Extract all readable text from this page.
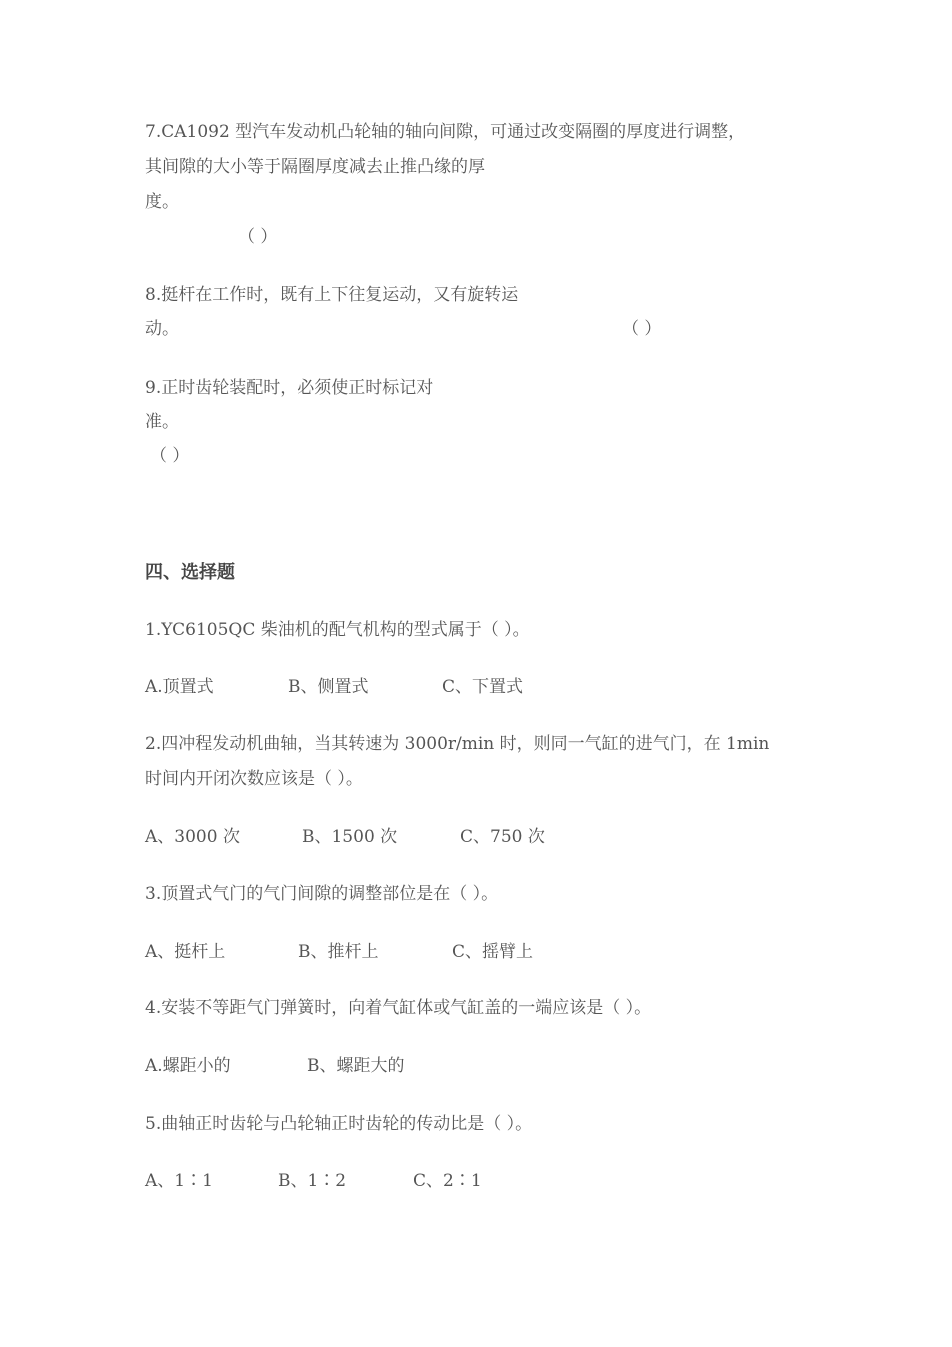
7.CA1092 型汽车发动机凸轮轴的轴向间隙，可通过改变隔圈的厚度进行调整，
其间隙的大小等于隔圈厚度减去止推凸缘的厚
度。
（ ）
8.挺杆在工作时，既有上下往复运动，又有旋转运
动。	（ ）
9.正时齿轮装配时，必须使正时标记对
准。
（ ）
四、选择题
1.YC6105QC 柴油机的配气机构的型式属于（ ）。
A.顶置式	B、侧置式	C、下置式
2.四冲程发动机曲轴，当其转速为 3000r/min 时，则同一气缸的进气门，在 1min
时间内开闭次数应该是（ ）。
A、3000 次	B、1500 次	C、750 次
3.顶置式气门的气门间隙的调整部位是在（ ）。
A、挺杆上	B、推杆上	C、摇臂上
4.安装不等距气门弹簧时，向着气缸体或气缸盖的一端应该是（ ）。
A.螺距小的	B、螺距大的
5.曲轴正时齿轮与凸轮轴正时齿轮的传动比是（ ）。
A、1∶1	B、1∶2	C、2∶1
